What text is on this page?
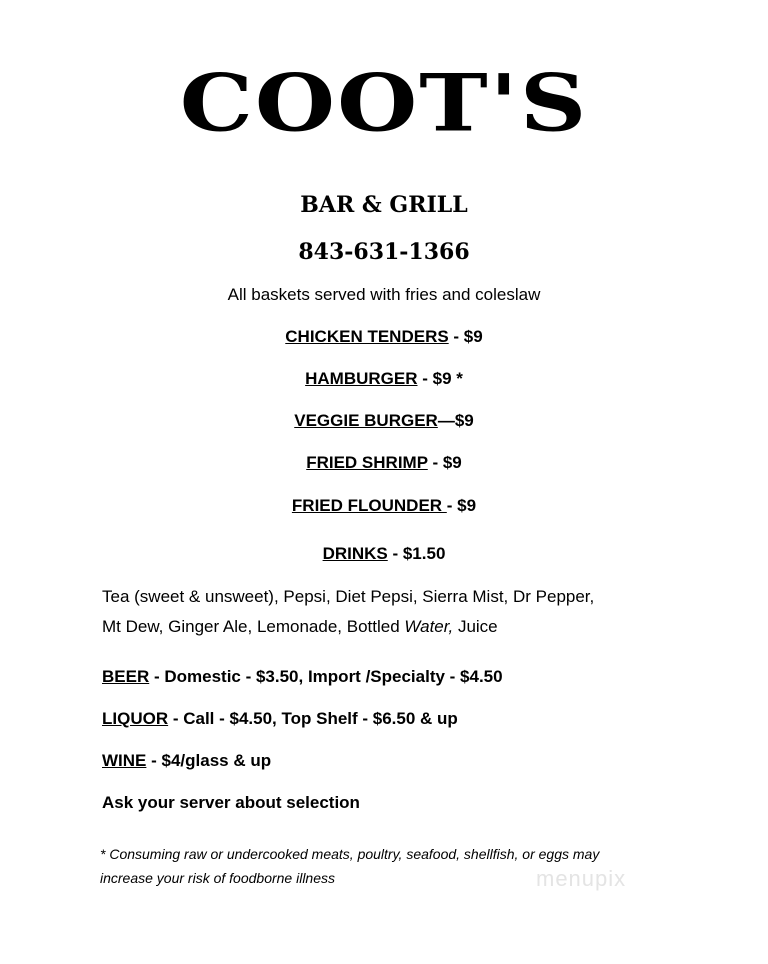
COOT'S
BAR & GRILL
843-631-1366
All baskets served with fries and coleslaw
CHICKEN TENDERS - $9
HAMBURGER - $9 *
VEGGIE BURGER—$9
FRIED SHRIMP - $9
FRIED FLOUNDER - $9
DRINKS - $1.50
Tea (sweet & unsweet), Pepsi, Diet Pepsi, Sierra Mist, Dr Pepper,
Mt Dew, Ginger Ale, Lemonade, Bottled Water, Juice
BEER - Domestic - $3.50, Import /Specialty - $4.50
LIQUOR - Call - $4.50, Top Shelf - $6.50 & up
WINE - $4/glass & up
Ask your server about selection
* Consuming raw or undercooked meats, poultry, seafood, shellfish, or eggs may
increase your risk of foodborne illness	menupix
